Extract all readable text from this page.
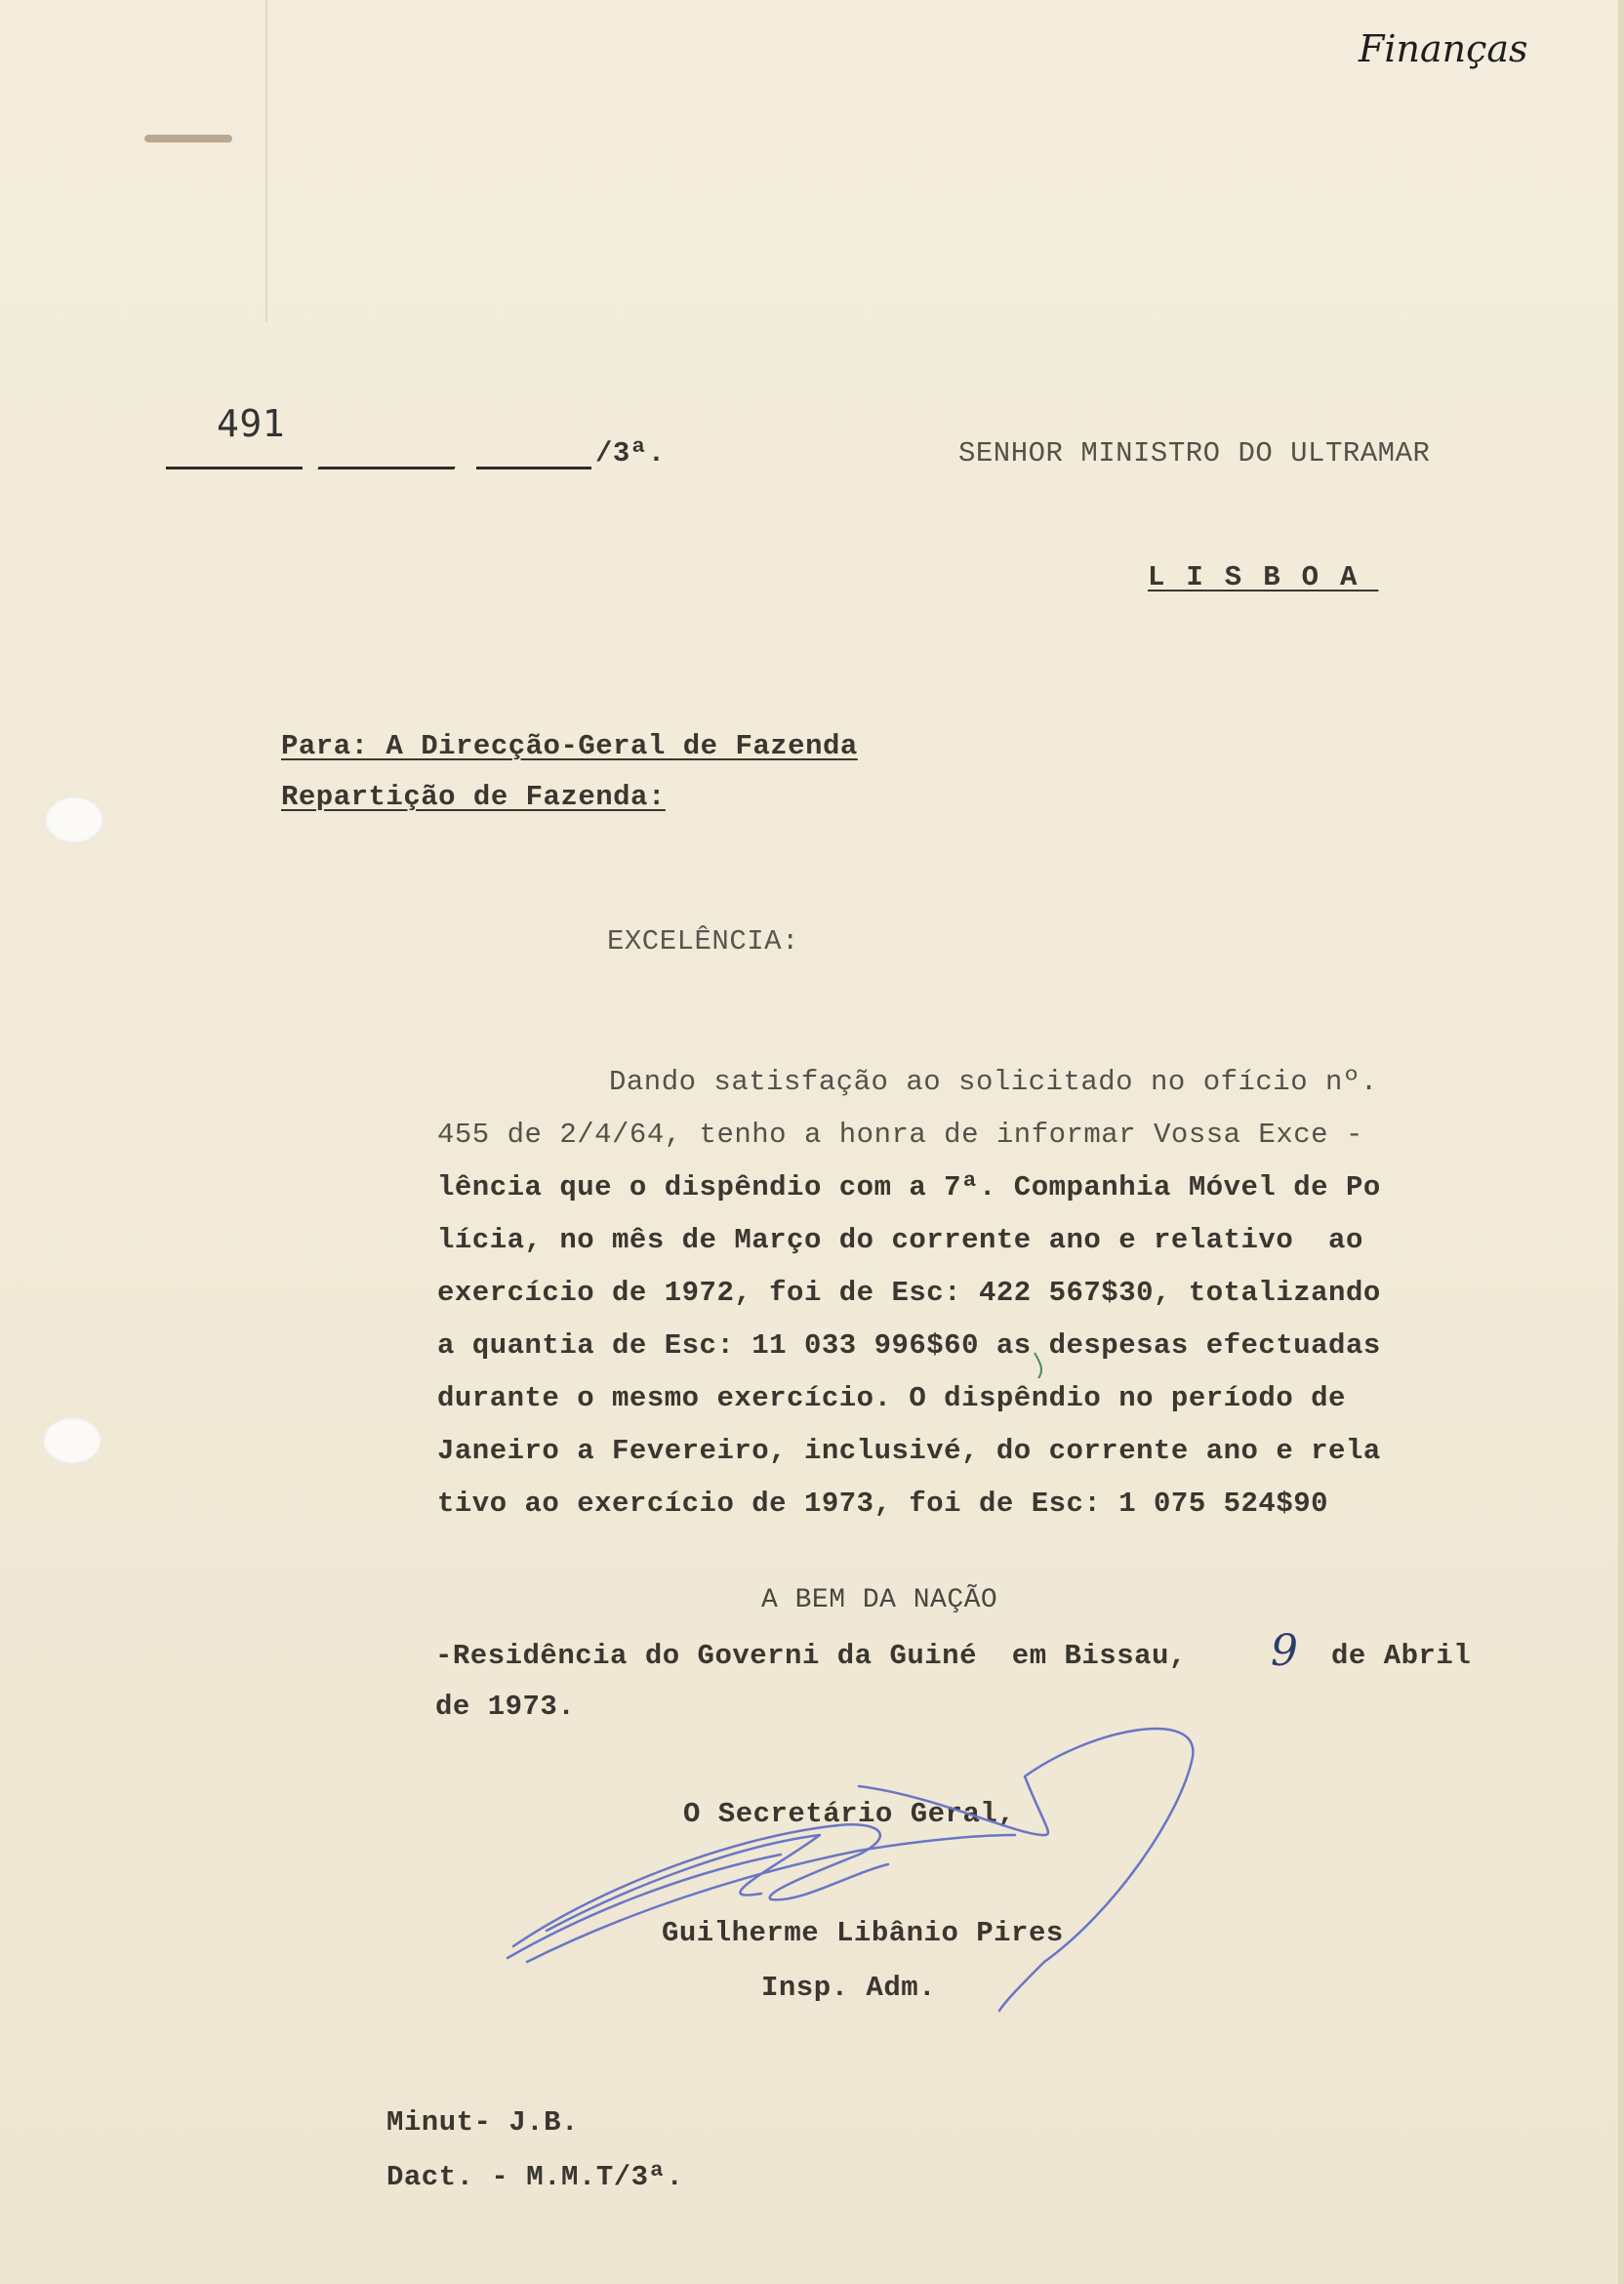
Finanças
491
/3ª.	SENHOR MINISTRO DO ULTRAMAR
LISBOA
Para: A Direcção-Geral de Fazenda
Repartição de Fazenda:
EXCELÊNCIA:
Dando satisfação ao solicitado no ofício nº.
455 de 2/4/64, tenho a honra de informar Vossa Exce -
lência que o dispêndio com a 7ª. Companhia Móvel de Po
lícia, no mês de Março do corrente ano e relativo  ao
exercício de 1972, foi de Esc: 422 567$30, totalizando
a quantia de Esc: 11 033 996$60 as despesas efectuadas
durante o mesmo exercício. O dispêndio no período de
Janeiro a Fevereiro, inclusivé, do corrente ano e rela
tivo ao exercício de 1973, foi de Esc: 1 075 524$90
A BEM DA NAÇÃO
-Residência do Governi da Guiné  em Bissau, 9 de Abril
de 1973.
O Secretário Geral,
Guilherme Libânio Pires
Insp. Adm.
Minut- J.B.
Dact. - M.M.T/3ª.
